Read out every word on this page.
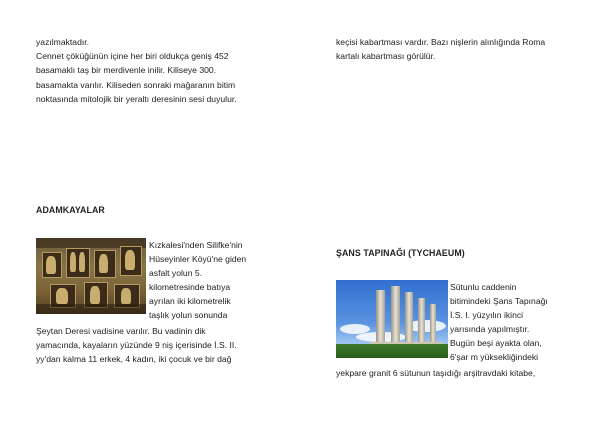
yazılmaktadır.

Cennet çöküğünün içine her biri oldukça geniş 452

basamaklı taş bir merdivenle inilir. Kiliseye 300.

basamakta varılır. Kiliseden sonraki mağaranın bitim

noktasında mitolojik bir yeraltı deresinin sesi duyulur.

ADAMKAYALAR
Kızkalesi'nden Silifke'nin
Hüseyinler Köyü'ne giden
asfalt yolun 5.
kilometresinde batıya
ayrılan iki kilometrelik
taşlık yolun sonunda

Şeytan Deresi vadisine varılır. Bu vadinin dik

yamacında, kayaların yüzünde 9 niş içerisinde İ.S. II.

yy'dan kalma 11 erkek, 4 kadın, iki çocuk ve bir dağ

keçisi kabartması vardır. Bazı nişlerin alınlığında Roma

kartalı kabartması görülür.

ŞANS TAPINAĞI (TYCHAEUM)
Sütunlu caddenin
bitimindeki Şans Tapınağı
İ.S. I. yüzyılın ikinci
yarısında yapılmıştır.
Bugün beşi ayakta olan,
6'şar m yüksekliğindeki

yekpare granit 6 sütunun taşıdığı arşitravdaki kitabe,
